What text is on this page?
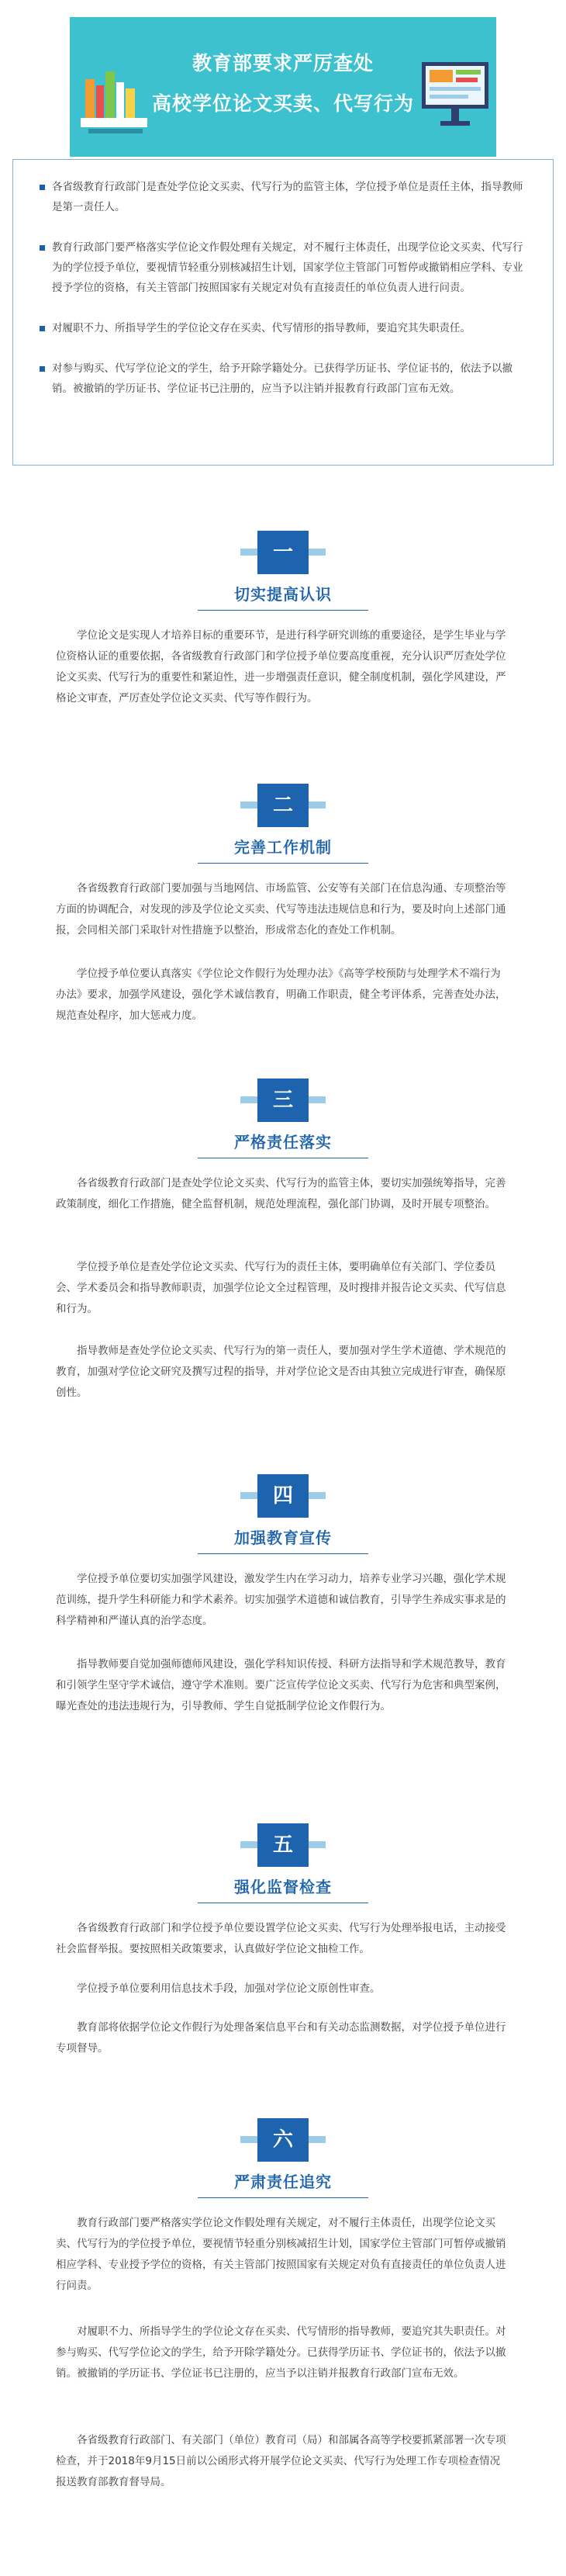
教育部要求严厉查处
高校学位论文买卖、代写行为
各省级教育行政部门是查处学位论文买卖、代写行为的监管主体，学位授予单位是责任主体，指导教师是第一责任人。
教育行政部门要严格落实学位论文作假处理有关规定，对不履行主体责任，出现学位论文买卖、代写行为的学位授予单位，要视情节轻重分别核减招生计划，国家学位主管部门可暂停或撤销相应学科、专业授予学位的资格，有关主管部门按照国家有关规定对负有直接责任的单位负责人进行问责。
对履职不力、所指导学生的学位论文存在买卖、代写情形的指导教师，要追究其失职责任。
对参与购买、代写学位论文的学生，给予开除学籍处分。已获得学历证书、学位证书的，依法予以撤销。被撤销的学历证书、学位证书已注册的，应当予以注销并报教育行政部门宣布无效。
一
切实提高认识

学位论文是实现人才培养目标的重要环节，是进行科学研究训练的重要途径，是学生毕业与学位资格认证的重要依据，各省级教育行政部门和学位授予单位要高度重视，充分认识严厉查处学位论文买卖、代写行为的重要性和紧迫性，进一步增强责任意识，健全制度机制，强化学风建设，严格论文审查，严厉查处学位论文买卖、代写等作假行为。

二
完善工作机制

各省级教育行政部门要加强与当地网信、市场监管、公安等有关部门在信息沟通、专项整治等方面的协调配合，对发现的涉及学位论文买卖、代写等违法违规信息和行为，要及时向上述部门通报，会同相关部门采取针对性措施予以整治，形成常态化的查处工作机制。

学位授予单位要认真落实《学位论文作假行为处理办法》《高等学校预防与处理学术不端行为办法》要求，加强学风建设，强化学术诚信教育，明确工作职责，健全考评体系，完善查处办法，规范查处程序，加大惩戒力度。

三
严格责任落实

各省级教育行政部门是查处学位论文买卖、代写行为的监管主体，要切实加强统筹指导，完善政策制度，细化工作措施，健全监督机制，规范处理流程，强化部门协调，及时开展专项整治。

学位授予单位是查处学位论文买卖、代写行为的责任主体，要明确单位有关部门、学位委员会、学术委员会和指导教师职责，加强学位论文全过程管理，及时搜排并报告论文买卖、代写信息和行为。

指导教师是查处学位论文买卖、代写行为的第一责任人，要加强对学生学术道德、学术规范的教育，加强对学位论文研究及撰写过程的指导，并对学位论文是否由其独立完成进行审查，确保原创性。

四
加强教育宣传

学位授予单位要切实加强学风建设，激发学生内在学习动力，培养专业学习兴趣，强化学术规范训练，提升学生科研能力和学术素养。切实加强学术道德和诚信教育，引导学生养成实事求是的科学精神和严谨认真的治学态度。

指导教师要自觉加强师德师风建设，强化学科知识传授、科研方法指导和学术规范教导，教育和引领学生坚守学术诚信，遵守学术准则。要广泛宣传学位论文买卖、代写行为危害和典型案例，曝光查处的违法违规行为，引导教师、学生自觉抵制学位论文作假行为。

五
强化监督检查

各省级教育行政部门和学位授予单位要设置学位论文买卖、代写行为处理举报电话，主动接受社会监督举报。要按照相关政策要求，认真做好学位论文抽检工作。

学位授予单位要利用信息技术手段，加强对学位论文原创性审查。

教育部将依据学位论文作假行为处理备案信息平台和有关动态监测数据，对学位授予单位进行专项督导。

六
严肃责任追究

教育行政部门要严格落实学位论文作假处理有关规定，对不履行主体责任，出现学位论文买卖、代写行为的学位授予单位，要视情节轻重分别核减招生计划，国家学位主管部门可暂停或撤销相应学科、专业授予学位的资格，有关主管部门按照国家有关规定对负有直接责任的单位负责人进行问责。

对履职不力、所指导学生的学位论文存在买卖、代写情形的指导教师，要追究其失职责任。对参与购买、代写学位论文的学生，给予开除学籍处分。已获得学历证书、学位证书的，依法予以撤销。被撤销的学历证书、学位证书已注册的，应当予以注销并报教育行政部门宣布无效。

各省级教育行政部门、有关部门（单位）教育司（局）和部属各高等学校要抓紧部署一次专项检查，并于2018年9月15日前以公函形式将开展学位论文买卖、代写行为处理工作专项检查情况报送教育部教育督导局。
